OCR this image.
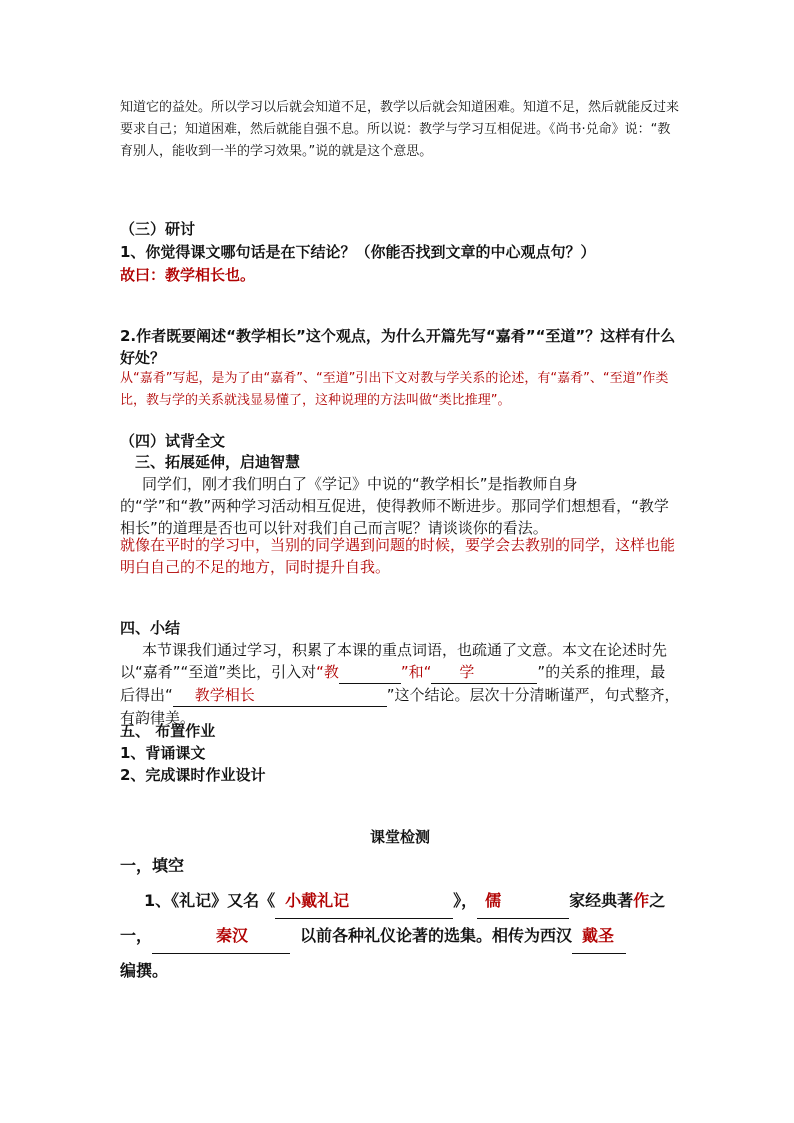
知道它的益处。所以学习以后就会知道不足，教学以后就会知道困难。知道不足，然后就能反过来要求自己；知道困难，然后就能自强不息。所以说：教学与学习互相促进。《尚书·兑命》说：“教育别人，能收到一半的学习效果。”说的就是这个意思。
（三）研讨
1、你觉得课文哪句话是在下结论？（你能否找到文章的中心观点句？）
故曰：教学相长也。
2.作者既要阐述“教学相长”这个观点，为什么开篇先写“嘉肴”“至道”？这样有什么好处？
从“嘉肴”写起，是为了由“嘉肴”、“至道”引出下文对教与学关系的论述，有“嘉肴”、“至道”作类比，教与学的关系就浅显易懂了，这种说理的方法叫做“类比推理”。
（四）试背全文
三、拓展延伸，启迪智慧
同学们，刚才我们明白了《学记》中说的“教学相长”是指教师自身的“学”和“教”两种学习活动相互促进，使得教师不断进步。那同学们想想看，“教学相长”的道理是否也可以针对我们自己而言呢？请谈谈你的看法。
就像在平时的学习中，当别的同学遇到问题的时候，要学会去教别的同学，这样也能明白自己的不足的地方，同时提升自我。
四、小结
本节课我们通过学习，积累了本课的重点词语，也疏通了文意。本文在论述时先以“嘉肴”“至道”类比，引入对“教	”和“ 学	”的关系的推理，最后得出“ 教学相长	”这个结论。层次十分清晰谨严，句式整齐，有韵律美。
五、 布置作业
1、背诵课文
2、完成课时作业设计
课堂检测
一，填空
1、《礼记》又名《 小戴礼记	》， 儒	家经典著作之一，	秦汉	以前各种礼仪论著的选集。相传为西汉 戴圣
编撰。
